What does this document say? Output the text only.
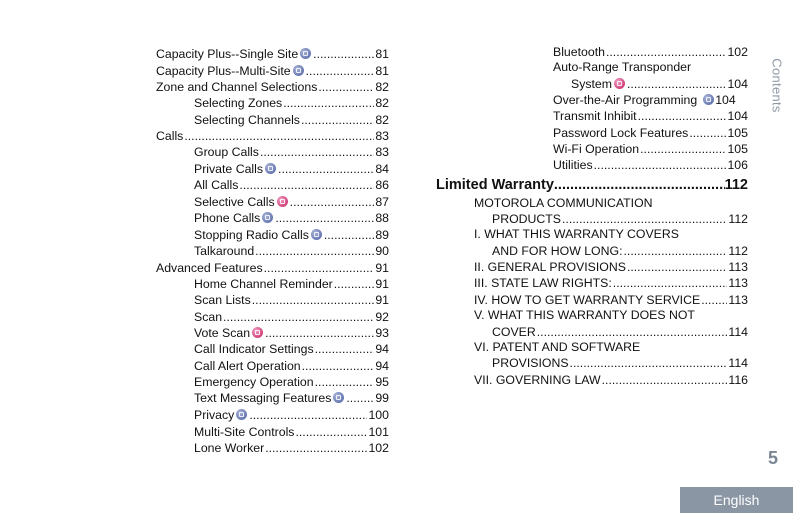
Capacity Plus--Single Site .....	81
Capacity Plus--Multi-Site .....	81
Zone and Channel Selections .....	82
Selecting Zones .....	82
Selecting Channels .....	82
Calls .....	83
Group Calls .....	83
Private Calls .....	84
All Calls .....	86
Selective Calls .....	87
Phone Calls .....	88
Stopping Radio Calls .....	89
Talkaround .....	90
Advanced Features .....	91
Home Channel Reminder .....	91
Scan Lists .....	91
Scan .....	92
Vote Scan .....	93
Call Indicator Settings .....	94
Call Alert Operation .....	94
Emergency Operation .....	95
Text Messaging Features .....	99
Privacy .....	100
Multi-Site Controls .....	101
Lone Worker .....	102
Bluetooth .....	102
Auto-Range Transponder
System .....	104
Over-the-Air Programming	104
Transmit Inhibit .....	104
Password Lock Features .....	105
Wi-Fi Operation .....	105
Utilities .....	106
Limited Warranty .....	112
MOTOROLA COMMUNICATION
PRODUCTS .....	112
I. WHAT THIS WARRANTY COVERS
AND FOR HOW LONG: .....	112
II. GENERAL PROVISIONS .....	113
III. STATE LAW RIGHTS: .....	113
IV. HOW TO GET WARRANTY SERVICE ..... 113
V. WHAT THIS WARRANTY DOES NOT
COVER .....	114
VI. PATENT AND SOFTWARE
PROVISIONS .....	114
VII. GOVERNING LAW .....	116
Contents
5
English
